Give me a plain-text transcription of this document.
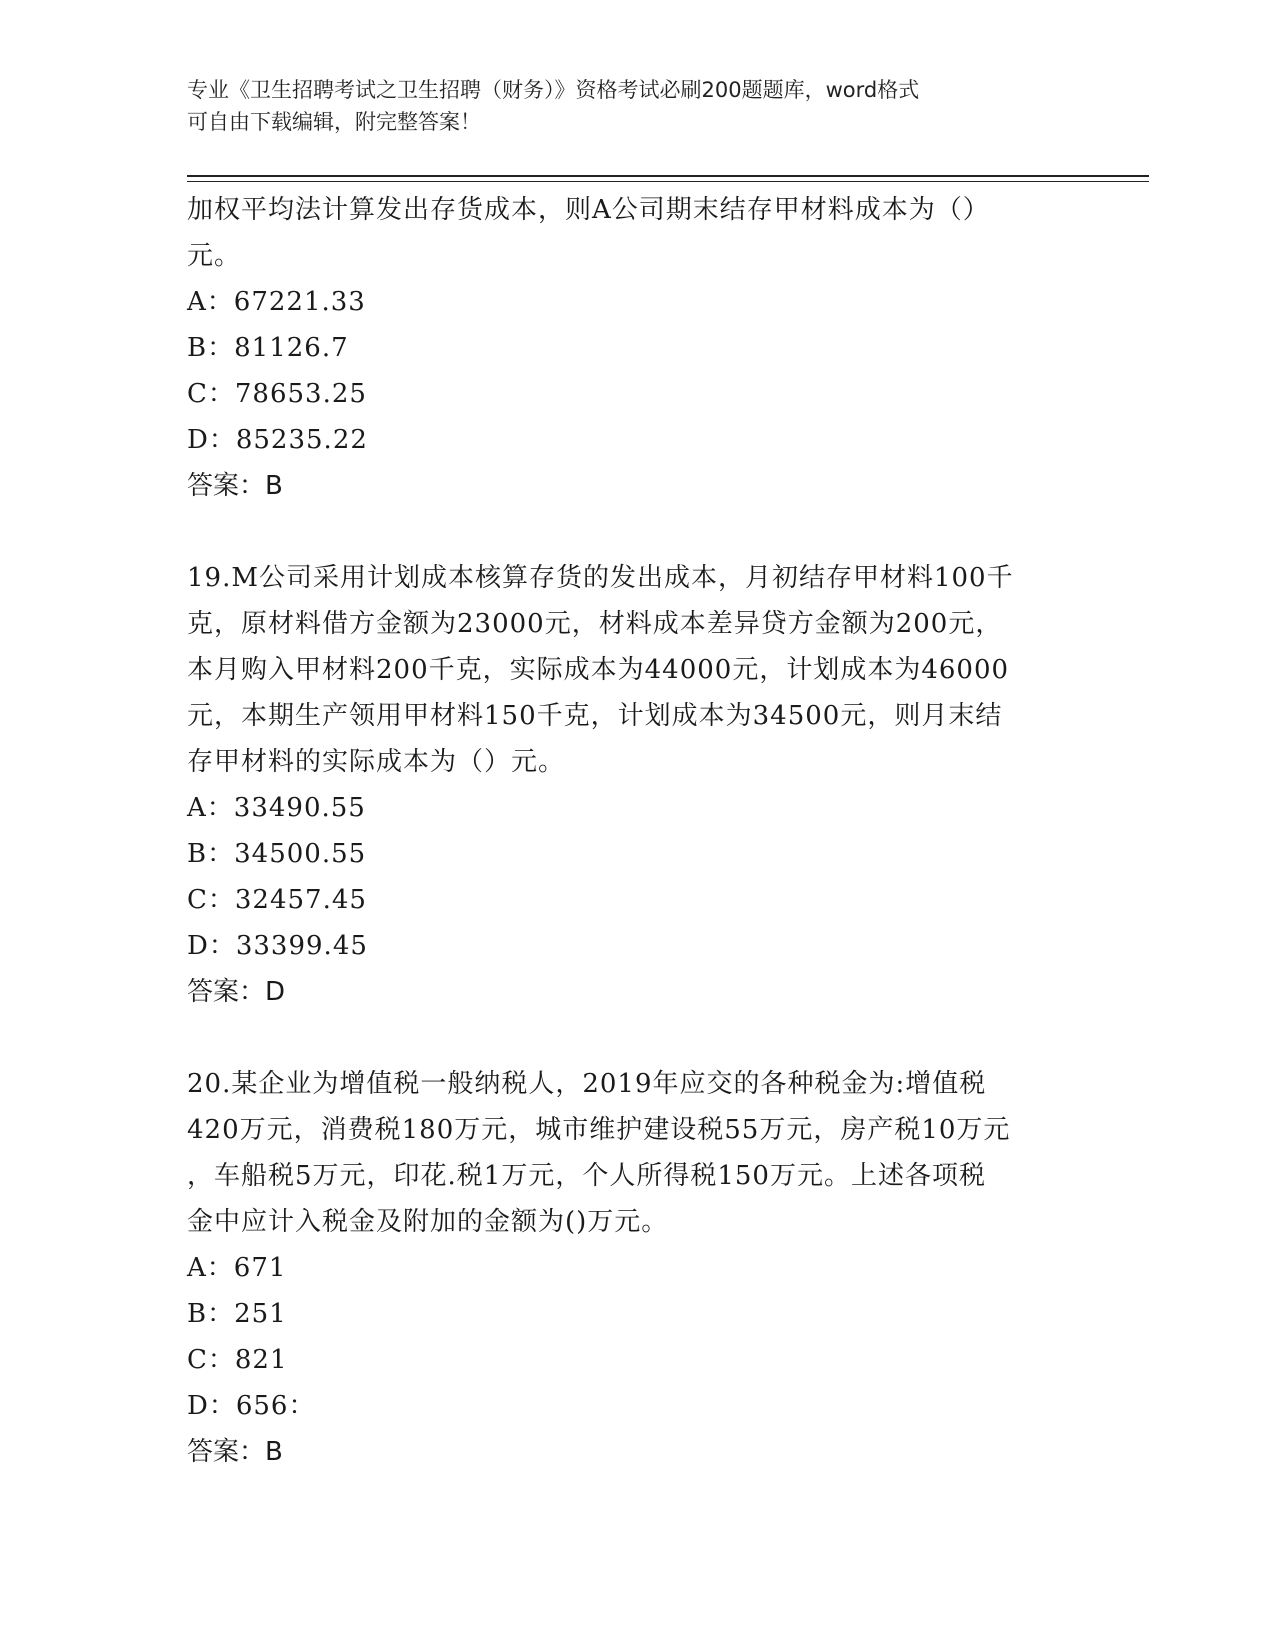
专业《卫生招聘考试之卫生招聘（财务）》资格考试必刷200题题库，word格式
可自由下载编辑，附完整答案！
加权平均法计算发出存货成本，则A公司期末结存甲材料成本为（）
元。
A：67221.33
B：81126.7
C：78653.25
D：85235.22
答案：B
19.M公司采用计划成本核算存货的发出成本，月初结存甲材料100千
克，原材料借方金额为23000元，材料成本差异贷方金额为200元，
本月购入甲材料200千克，实际成本为44000元，计划成本为46000
元，本期生产领用甲材料150千克，计划成本为34500元，则月末结
存甲材料的实际成本为（）元。
A：33490.55
B：34500.55
C：32457.45
D：33399.45
答案：D
20.某企业为增值税一般纳税人，2019年应交的各种税金为:增值税
420万元，消费税180万元，城市维护建设税55万元，房产税10万元
，车船税5万元，印花.税1万元，个人所得税150万元。上述各项税
金中应计入税金及附加的金额为()万元。
A：671
B：251
C：821
D：656：
答案：B
